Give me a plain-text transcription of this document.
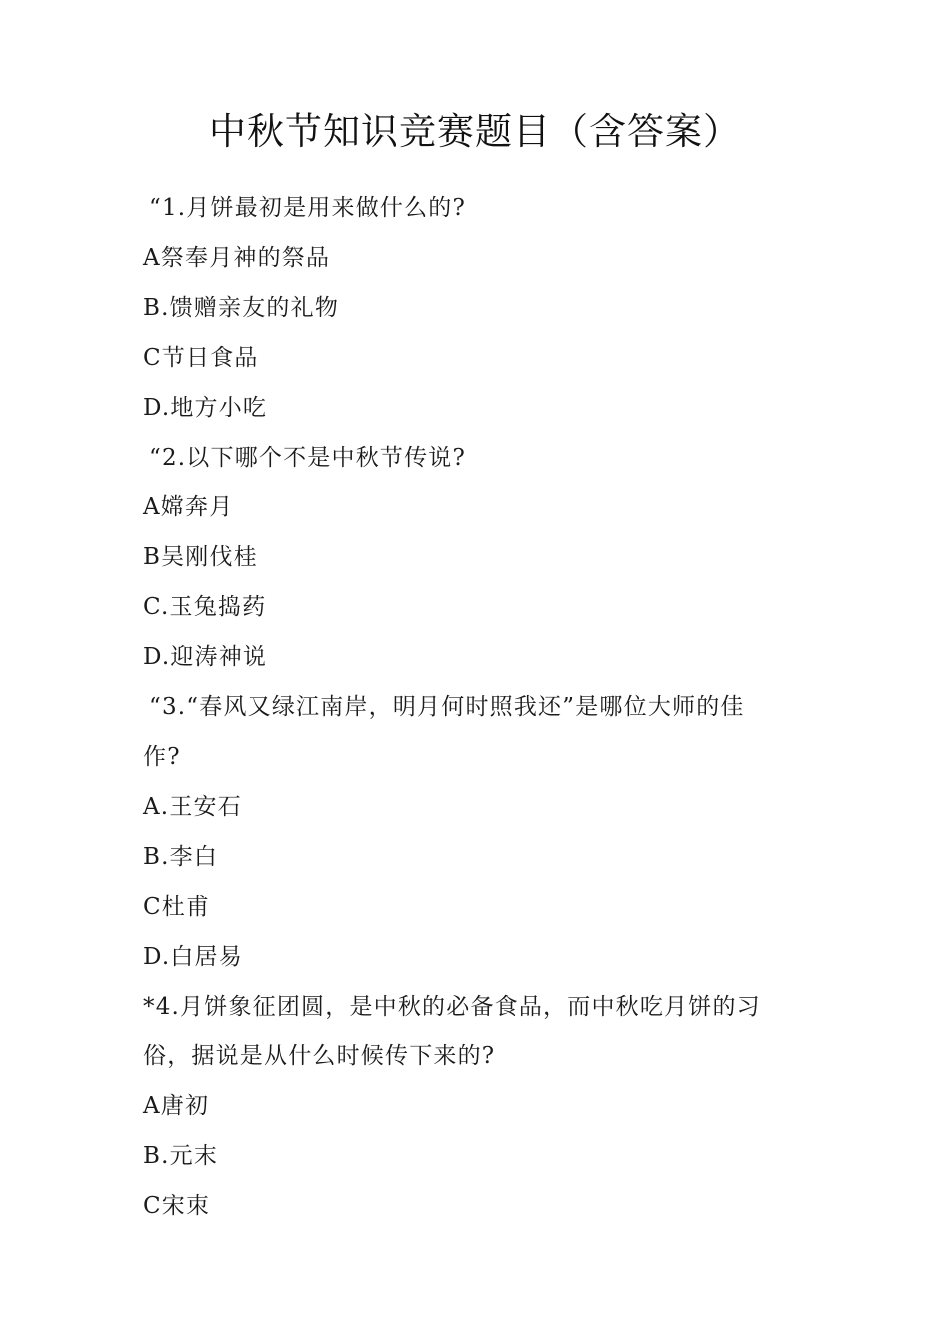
中秋节知识竞赛题目（含答案）

“1.月饼最初是用来做什么的?

A祭奉月神的祭品

B.馈赠亲友的礼物

C节日食品

D.地方小吃

“2.以下哪个不是中秋节传说?

A嫦奔月

B吴刚伐桂

C.玉兔捣药

D.迎涛神说

“3.“春风又绿江南岸，明月何时照我还”是哪位大师的佳

作?

A.王安石

B.李白

C杜甫

D.白居易

*4.月饼象征团圆，是中秋的必备食品，而中秋吃月饼的习

俗，据说是从什么时候传下来的?

A唐初

B.元末

C宋朿
